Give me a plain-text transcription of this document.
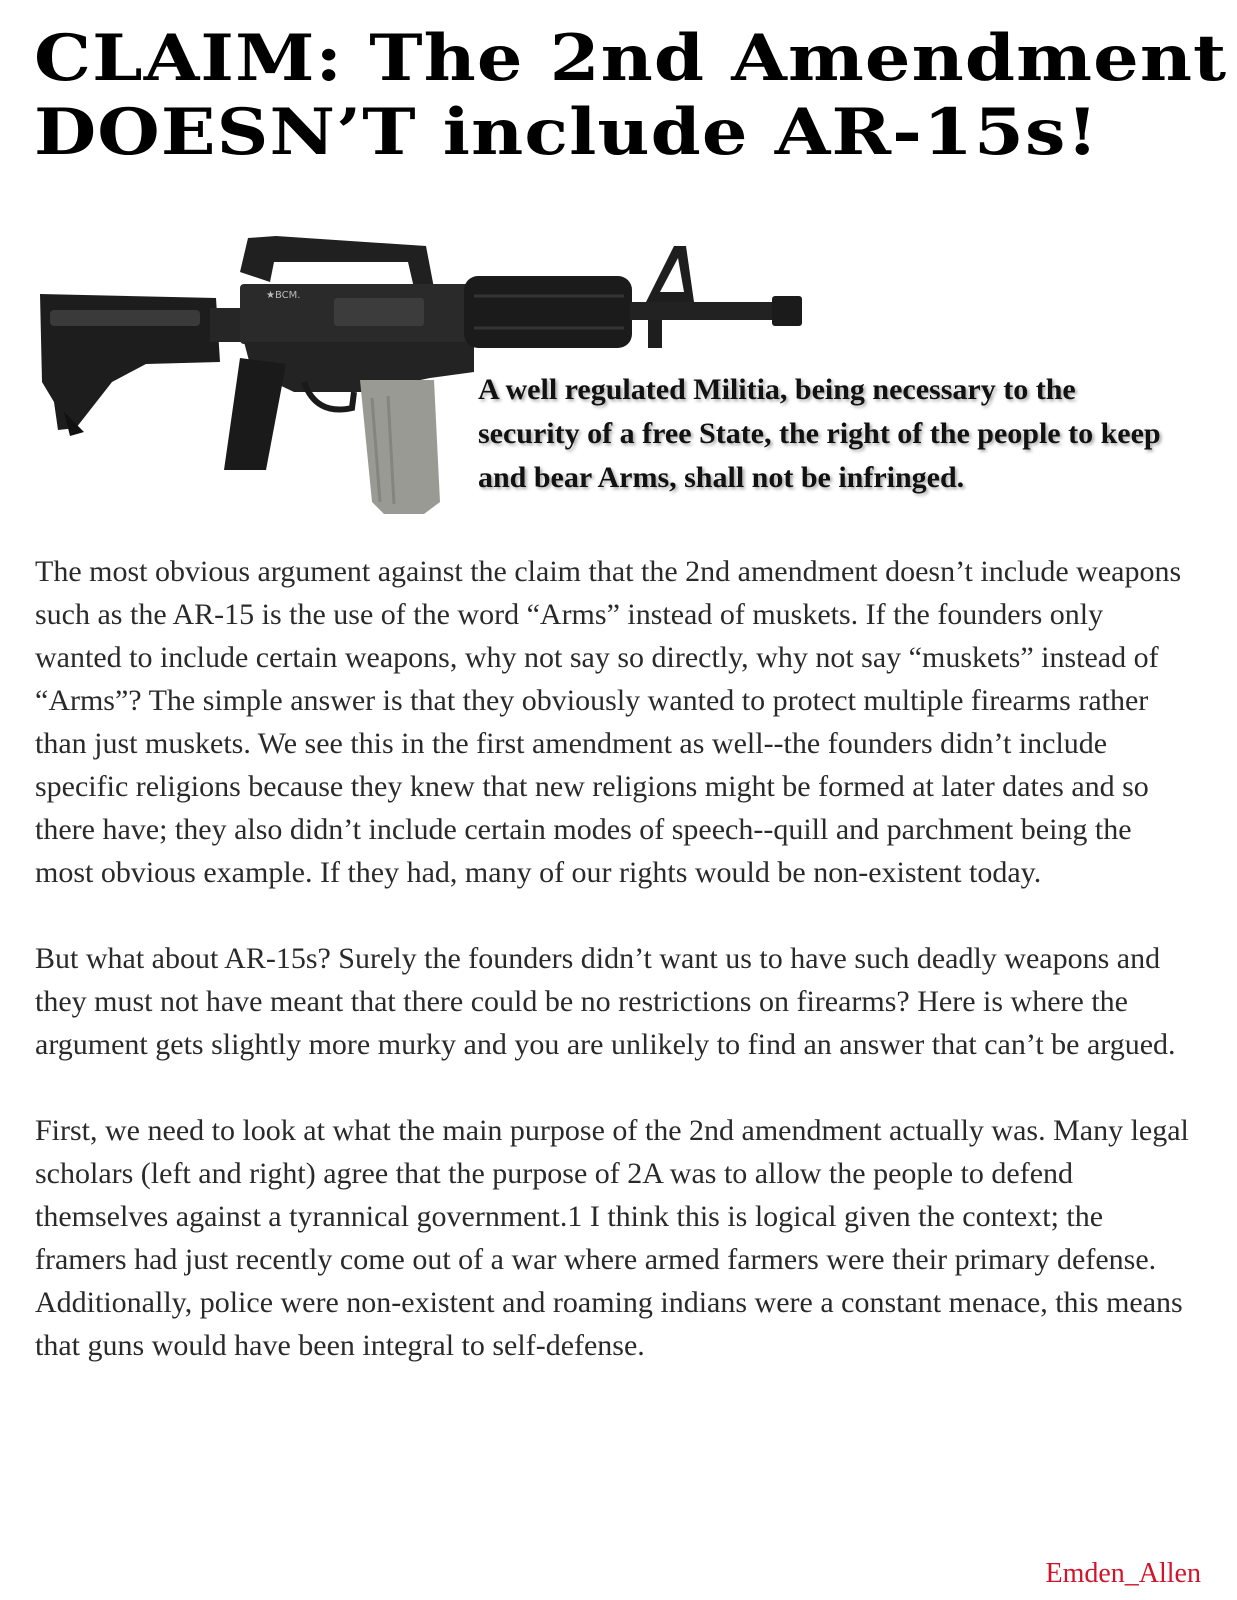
CLAIM: The 2nd Amendment DOESN’T include AR-15s!
★BCM.

A well regulated Militia, being necessary to the security of a free State, the right of the people to keep and bear Arms, shall not be infringed.

The most obvious argument against the claim that the 2nd amendment doesn’t include weapons such as the AR-15 is the use of the word “Arms” instead of muskets. If the founders only wanted to include certain weapons, why not say so directly, why not say “muskets” instead of “Arms”? The simple answer is that they obviously wanted to protect multiple firearms rather than just muskets. We see this in the first amendment as well--the founders didn’t include specific religions because they knew that new religions might be formed at later dates and so there have; they also didn’t include certain modes of speech--quill and parchment being the most obvious example. If they had, many of our rights would be non-existent today.

But what about AR-15s? Surely the founders didn’t want us to have such deadly weapons and they must not have meant that there could be no restrictions on firearms? Here is where the argument gets slightly more murky and you are unlikely to find an answer that can’t be argued.

First, we need to look at what the main purpose of the 2nd amendment actually was. Many legal scholars (left and right) agree that the purpose of 2A was to allow the people to defend themselves against a tyrannical government.1 I think this is logical given the context; the framers had just recently come out of a war where armed farmers were their primary defense. Additionally, police were non-existent and roaming indians were a constant menace, this means that guns would have been integral to self-defense.

Emden_Allen
